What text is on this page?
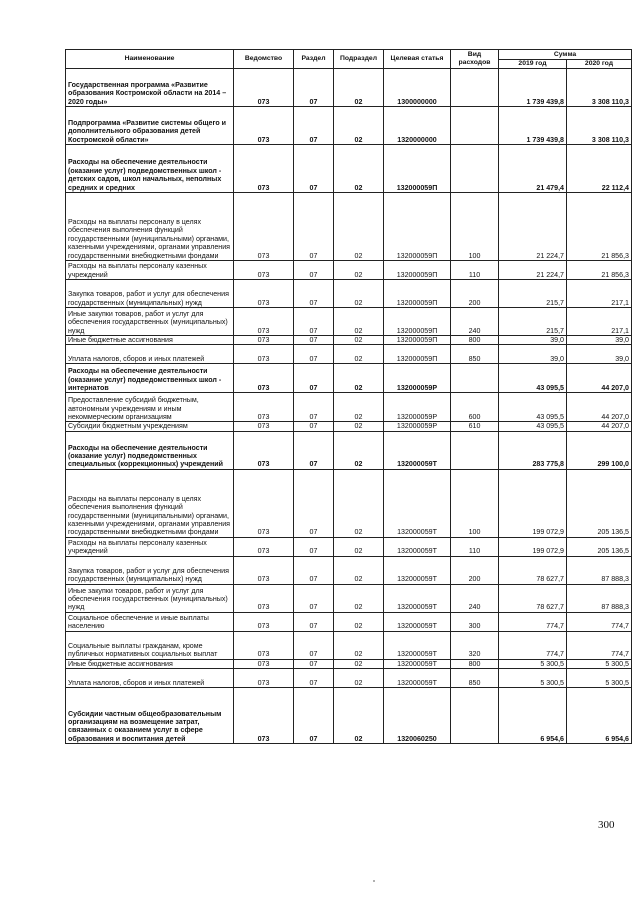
Наименование	Ведомство	Раздел	Подраздел	Целевая статья	Вид расходов	Сумма	
						2019 год	2020 год
Государственная программа «Развитие образования Костромской области на 2014 – 2020 годы»	073	07	02	1300000000		1 739 439,8	3 308 110,3
Подпрограмма «Развитие системы общего и дополнительного образования детей Костромской области»	073	07	02	1320000000		1 739 439,8	3 308 110,3
Расходы на обеспечение деятельности (оказание услуг) подведомственных школ - детских садов, школ начальных, неполных средних и средних	073	07	02	132000059П		21 479,4	22 112,4
Расходы на выплаты персоналу в целях обеспечения выполнения функций государственными (муниципальными) органами, казенными учреждениями, органами управления государственными внебюджетными фондами	073	07	02	132000059П	100	21 224,7	21 856,3
Расходы на выплаты персоналу казенных учреждений	073	07	02	132000059П	110	21 224,7	21 856,3
Закупка товаров, работ и услуг для обеспечения государственных (муниципальных) нужд	073	07	02	132000059П	200	215,7	217,1
Иные закупки товаров, работ и услуг для обеспечения государственных (муниципальных) нужд	073	07	02	132000059П	240	215,7	217,1
Иные бюджетные ассигнования	073	07	02	132000059П	800	39,0	39,0
Уплата налогов, сборов и иных платежей	073	07	02	132000059П	850	39,0	39,0
Расходы на обеспечение деятельности (оказание услуг) подведомственных школ - интернатов	073	07	02	132000059Р		43 095,5	44 207,0
Предоставление субсидий бюджетным, автономным учреждениям и иным некоммерческим организациям	073	07	02	132000059Р	600	43 095,5	44 207,0
Субсидии бюджетным учреждениям	073	07	02	132000059Р	610	43 095,5	44 207,0
Расходы на обеспечение деятельности (оказание услуг) подведомственных специальных (коррекционных) учреждений	073	07	02	132000059Т		283 775,8	299 100,0
Расходы на выплаты персоналу в целях обеспечения выполнения функций государственными (муниципальными) органами, казенными учреждениями, органами управления государственными внебюджетными фондами	073	07	02	132000059Т	100	199 072,9	205 136,5
Расходы на выплаты персоналу казенных учреждений	073	07	02	132000059Т	110	199 072,9	205 136,5
Закупка товаров, работ и услуг для обеспечения государственных (муниципальных) нужд	073	07	02	132000059Т	200	78 627,7	87 888,3
Иные закупки товаров, работ и услуг для обеспечения государственных (муниципальных) нужд	073	07	02	132000059Т	240	78 627,7	87 888,3
Социальное обеспечение и иные выплаты населению	073	07	02	132000059Т	300	774,7	774,7
Социальные выплаты гражданам, кроме публичных нормативных социальных выплат	073	07	02	132000059Т	320	774,7	774,7
Иные бюджетные ассигнования	073	07	02	132000059Т	800	5 300,5	5 300,5
Уплата налогов, сборов и иных платежей	073	07	02	132000059Т	850	5 300,5	5 300,5
Субсидии частным общеобразовательным организациям на возмещение затрат, связанных с оказанием услуг в сфере образования и воспитания детей	073	07	02	1320060250		6 954,6	6 954,6
300
